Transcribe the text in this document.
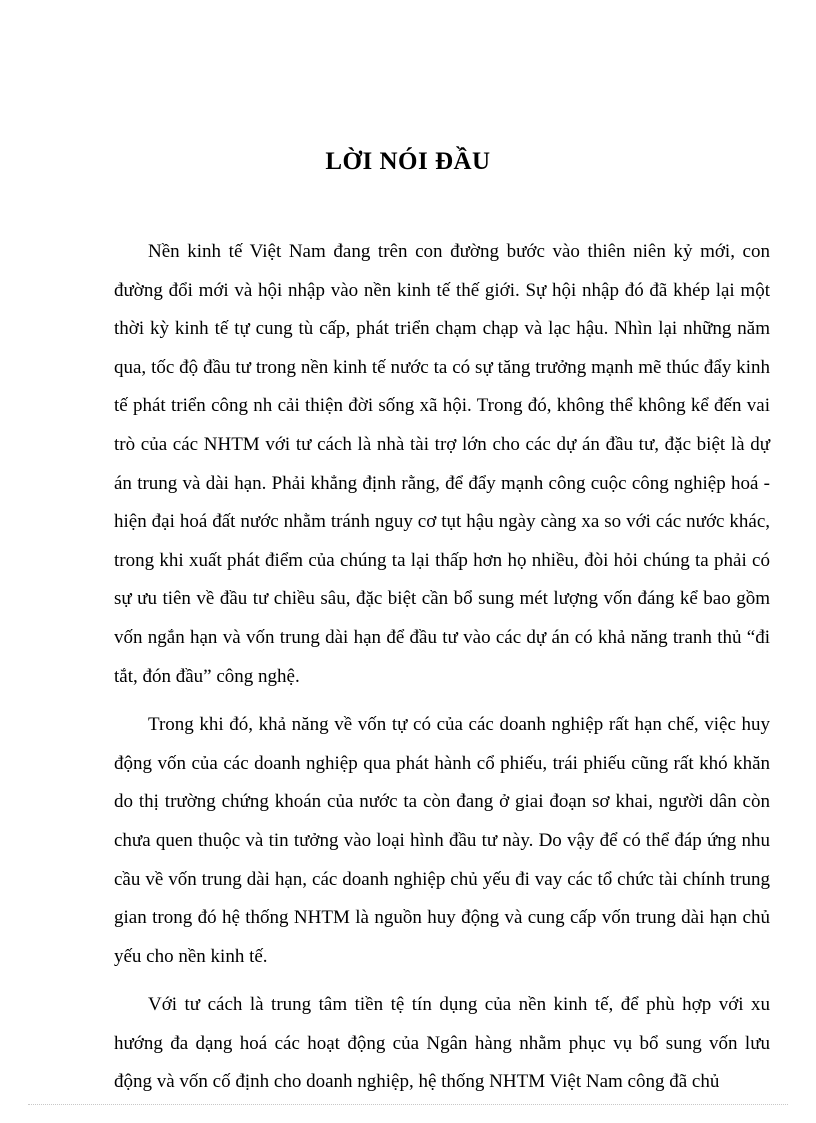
LỜI NÓI ĐẦU

Nền kinh tế Việt Nam đang trên con đường bước vào thiên niên kỷ mới, con đường đổi mới và hội nhập vào nền kinh tế thế giới. Sự hội nhập đó đã khép lại một thời kỳ kinh tế tự cung tù cấp, phát triển chạm chạp và lạc hậu. Nhìn lại những năm qua, tốc độ đầu tư trong nền kinh tế nước ta có sự tăng trưởng mạnh mẽ thúc đẩy kinh tế phát triển công nh cải thiện đời sống xã hội. Trong đó, không thể không kể đến vai trò của các NHTM với tư cách là nhà tài trợ lớn cho các dự án đầu tư, đặc biệt là dự án trung và dài hạn. Phải khẳng định rằng, để đẩy mạnh công cuộc công nghiệp hoá - hiện đại hoá đất nước nhằm tránh nguy cơ tụt hậu ngày càng xa so với các nước khác, trong khi xuất phát điểm của chúng ta lại thấp hơn họ nhiều, đòi hỏi chúng ta phải có sự ưu tiên về đầu tư chiều sâu, đặc biệt cần bổ sung mét lượng vốn đáng kể bao gồm vốn ngắn hạn và vốn trung dài hạn để đầu tư vào các dự án có khả năng tranh thủ “đi tắt, đón đầu” công nghệ.

Trong khi đó, khả năng về vốn tự có của các doanh nghiệp rất hạn chế, việc huy động vốn của các doanh nghiệp qua phát hành cổ phiếu, trái phiếu cũng rất khó khăn do thị trường chứng khoán của nước ta còn đang ở giai đoạn sơ khai, người dân còn chưa quen thuộc và tin tưởng vào loại hình đầu tư này. Do vậy để có thể đáp ứng nhu cầu về vốn trung dài hạn, các doanh nghiệp chủ yếu đi vay các tổ chức tài chính trung gian trong đó hệ thống NHTM là nguồn huy động và cung cấp vốn trung dài hạn chủ yếu cho nền kinh tế.

Với tư cách là trung tâm tiền tệ tín dụng của nền kinh tế, để phù hợp với xu hướng đa dạng hoá các hoạt động của Ngân hàng nhằm phục vụ bổ sung vốn lưu động và vốn cố định cho doanh nghiệp, hệ thống NHTM Việt Nam công đã chủ
